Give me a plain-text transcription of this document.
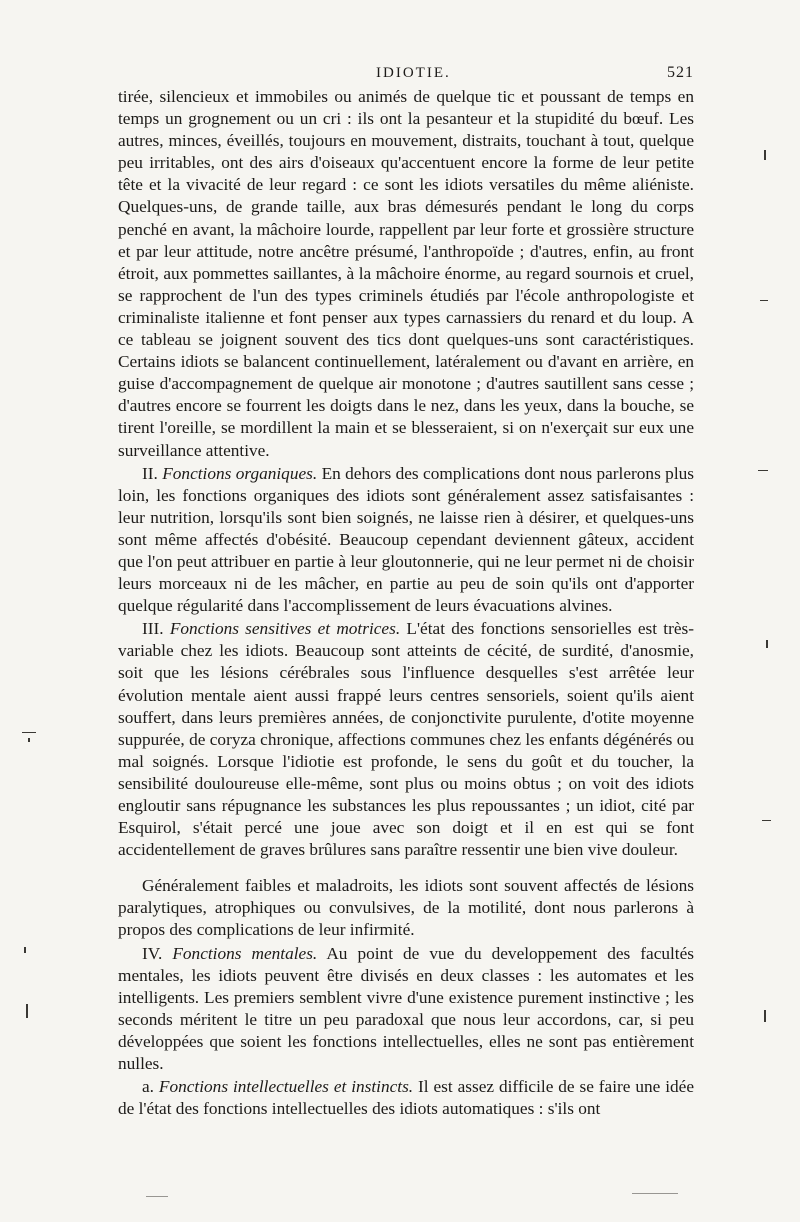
IDIOTIE.	521

tirée, silencieux et immobiles ou animés de quelque tic et poussant de temps en temps un grognement ou un cri : ils ont la pesanteur et la stupidité du bœuf. Les autres, minces, éveillés, toujours en mouvement, distraits, touchant à tout, quelque peu irritables, ont des airs d'oiseaux qu'accentuent encore la forme de leur petite tête et la vivacité de leur regard : ce sont les idiots versatiles du même aliéniste. Quelques-uns, de grande taille, aux bras démesurés pendant le long du corps penché en avant, la mâchoire lourde, rappellent par leur forte et grossière structure et par leur attitude, notre ancêtre présumé, l'anthropoïde ; d'autres, enfin, au front étroit, aux pommettes saillantes, à la mâchoire énorme, au regard sournois et cruel, se rapprochent de l'un des types criminels étudiés par l'école anthropologiste et criminaliste italienne et font penser aux types carnassiers du renard et du loup. A ce tableau se joignent souvent des tics dont quelques-uns sont caractéristiques. Certains idiots se balancent continuellement, latéralement ou d'avant en arrière, en guise d'accompagnement de quelque air monotone ; d'autres sautillent sans cesse ; d'autres encore se fourrent les doigts dans le nez, dans les yeux, dans la bouche, se tirent l'oreille, se mordillent la main et se blesseraient, si on n'exerçait sur eux une surveillance attentive.

II. Fonctions organiques. En dehors des complications dont nous parlerons plus loin, les fonctions organiques des idiots sont généralement assez satisfaisantes : leur nutrition, lorsqu'ils sont bien soignés, ne laisse rien à désirer, et quelques-uns sont même affectés d'obésité. Beaucoup cependant deviennent gâteux, accident que l'on peut attribuer en partie à leur gloutonnerie, qui ne leur permet ni de choisir leurs morceaux ni de les mâcher, en partie au peu de soin qu'ils ont d'apporter quelque régularité dans l'accomplissement de leurs évacuations alvines.

III. Fonctions sensitives et motrices. L'état des fonctions sensorielles est très-variable chez les idiots. Beaucoup sont atteints de cécité, de surdité, d'anosmie, soit que les lésions cérébrales sous l'influence desquelles s'est arrêtée leur évolution mentale aient aussi frappé leurs centres sensoriels, soient qu'ils aient souffert, dans leurs premières années, de conjonctivite purulente, d'otite moyenne suppurée, de coryza chronique, affections communes chez les enfants dégénérés ou mal soignés. Lorsque l'idiotie est profonde, le sens du goût et du toucher, la sensibilité douloureuse elle-même, sont plus ou moins obtus ; on voit des idiots engloutir sans répugnance les substances les plus repoussantes ; un idiot, cité par Esquirol, s'était percé une joue avec son doigt et il en est qui se font accidentellement de graves brûlures sans paraître ressentir une bien vive douleur.

Généralement faibles et maladroits, les idiots sont souvent affectés de lésions paralytiques, atrophiques ou convulsives, de la motilité, dont nous parlerons à propos des complications de leur infirmité.

IV. Fonctions mentales. Au point de vue du developpement des facultés mentales, les idiots peuvent être divisés en deux classes : les automates et les intelligents. Les premiers semblent vivre d'une existence purement instinctive ; les seconds méritent le titre un peu paradoxal que nous leur accordons, car, si peu développées que soient les fonctions intellectuelles, elles ne sont pas entièrement nulles.

a. Fonctions intellectuelles et instincts. Il est assez difficile de se faire une idée de l'état des fonctions intellectuelles des idiots automatiques : s'ils ont
